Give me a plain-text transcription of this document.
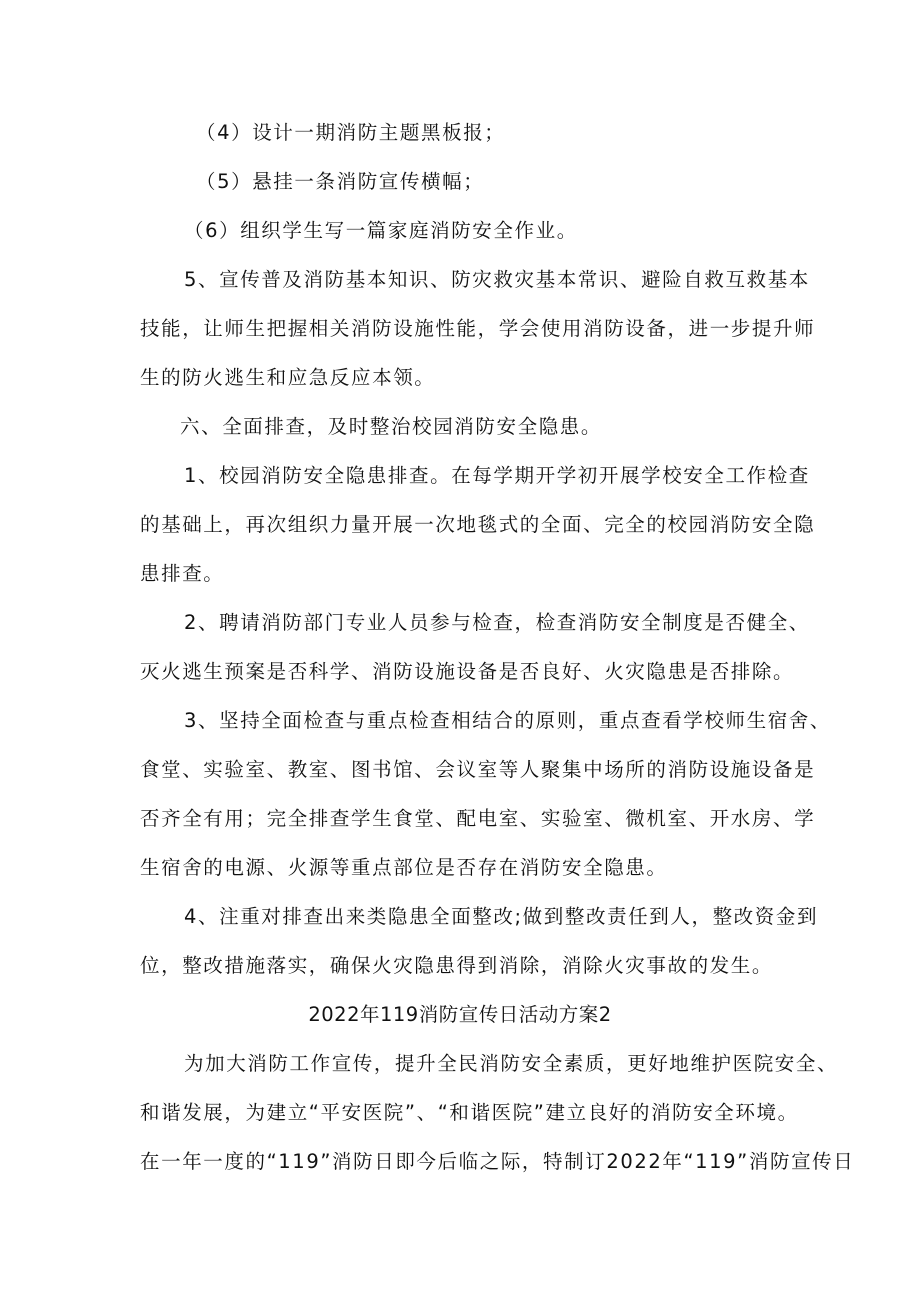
（4）设计一期消防主题黑板报；
（5）悬挂一条消防宣传横幅；
（6）组织学生写一篇家庭消防安全作业。
5、宣传普及消防基本知识、防灾救灾基本常识、避险自救互救基本
技能，让师生把握相关消防设施性能，学会使用消防设备，进一步提升师
生的防火逃生和应急反应本领。
六、全面排查，及时整治校园消防安全隐患。
1、校园消防安全隐患排查。在每学期开学初开展学校安全工作检查
的基础上，再次组织力量开展一次地毯式的全面、完全的校园消防安全隐
患排查。
2、聘请消防部门专业人员参与检查，检查消防安全制度是否健全、
灭火逃生预案是否科学、消防设施设备是否良好、火灾隐患是否排除。
3、坚持全面检查与重点检查相结合的原则，重点查看学校师生宿舍、
食堂、实验室、教室、图书馆、会议室等人聚集中场所的消防设施设备是
否齐全有用；完全排查学生食堂、配电室、实验室、微机室、开水房、学
生宿舍的电源、火源等重点部位是否存在消防安全隐患。
4、注重对排查出来类隐患全面整改;做到整改责任到人，整改资金到
位，整改措施落实，确保火灾隐患得到消除，消除火灾事故的发生。
2022年119消防宣传日活动方案2
为加大消防工作宣传，提升全民消防安全素质，更好地维护医院安全、
和谐发展，为建立“平安医院”、“和谐医院”建立良好的消防安全环境。
在一年一度的“119”消防日即今后临之际，特制订2022年“119”消防宣传日
